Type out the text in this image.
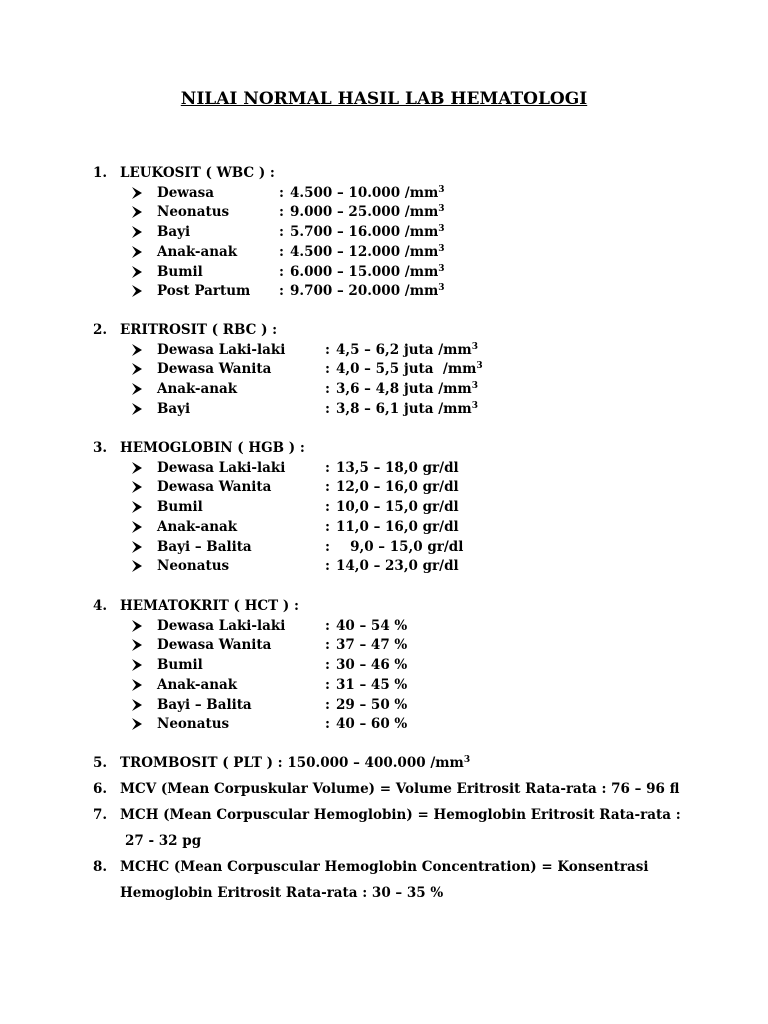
NILAI NORMAL HASIL LAB HEMATOLOGI
1. LEUKOSIT ( WBC ) :
Dewasa	: 4.500 – 10.000 $/mm^3$
Neonatus	: 9.000 – 25.000 $/mm^3$
Bayi	: 5.700 – 16.000 $/mm^3$
Anak-anak	: 4.500 – 12.000 $/mm^3$
Bumil	: 6.000 – 15.000 $/mm^3$
Post Partum : 9.700 – 20.000 $/mm^3$
2. ERITROSIT ( RBC ) :
Dewasa Laki-laki	: 4,5 – 6,2 juta $/mm^3$
Dewasa Wanita	: 4,0 – 5,5 juta  $/mm^3$
Anak-anak	: 3,6 – 4,8 juta $/mm^3$
Bayi	: 3,8 – 6,1 juta $/mm^3$
3. HEMOGLOBIN ( HGB ) :
Dewasa Laki-laki	: 13,5 – 18,0 gr/dl
Dewasa Wanita	: 12,0 – 16,0 gr/dl
Bumil	: 10,0 – 15,0 gr/dl
Anak-anak	: 11,0 – 16,0 gr/dl
Bayi – Balita	: 9,0 – 15,0 gr/dl
Neonatus	: 14,0 – 23,0 gr/dl
4. HEMATOKRIT ( HCT ) :
Dewasa Laki-laki	: 40 – 54 %
Dewasa Wanita	: 37 – 47 %
Bumil	: 30 – 46 %
Anak-anak	: 31 – 45 %
Bayi – Balita	: 29 – 50 %
Neonatus	: 40 – 60 %
5. TROMBOSIT ( PLT ) : 150.000 – 400.000 $/mm^3$
6. MCV (Mean Corpuskular Volume) = Volume Eritrosit Rata-rata : 76 – 96 fl
7. MCH (Mean Corpuscular Hemoglobin) = Hemoglobin Eritrosit Rata-rata :
27 - 32 pg
8. MCHC (Mean Corpuscular Hemoglobin Concentration) = Konsentrasi
Hemoglobin Eritrosit Rata-rata : 30 – 35 %
